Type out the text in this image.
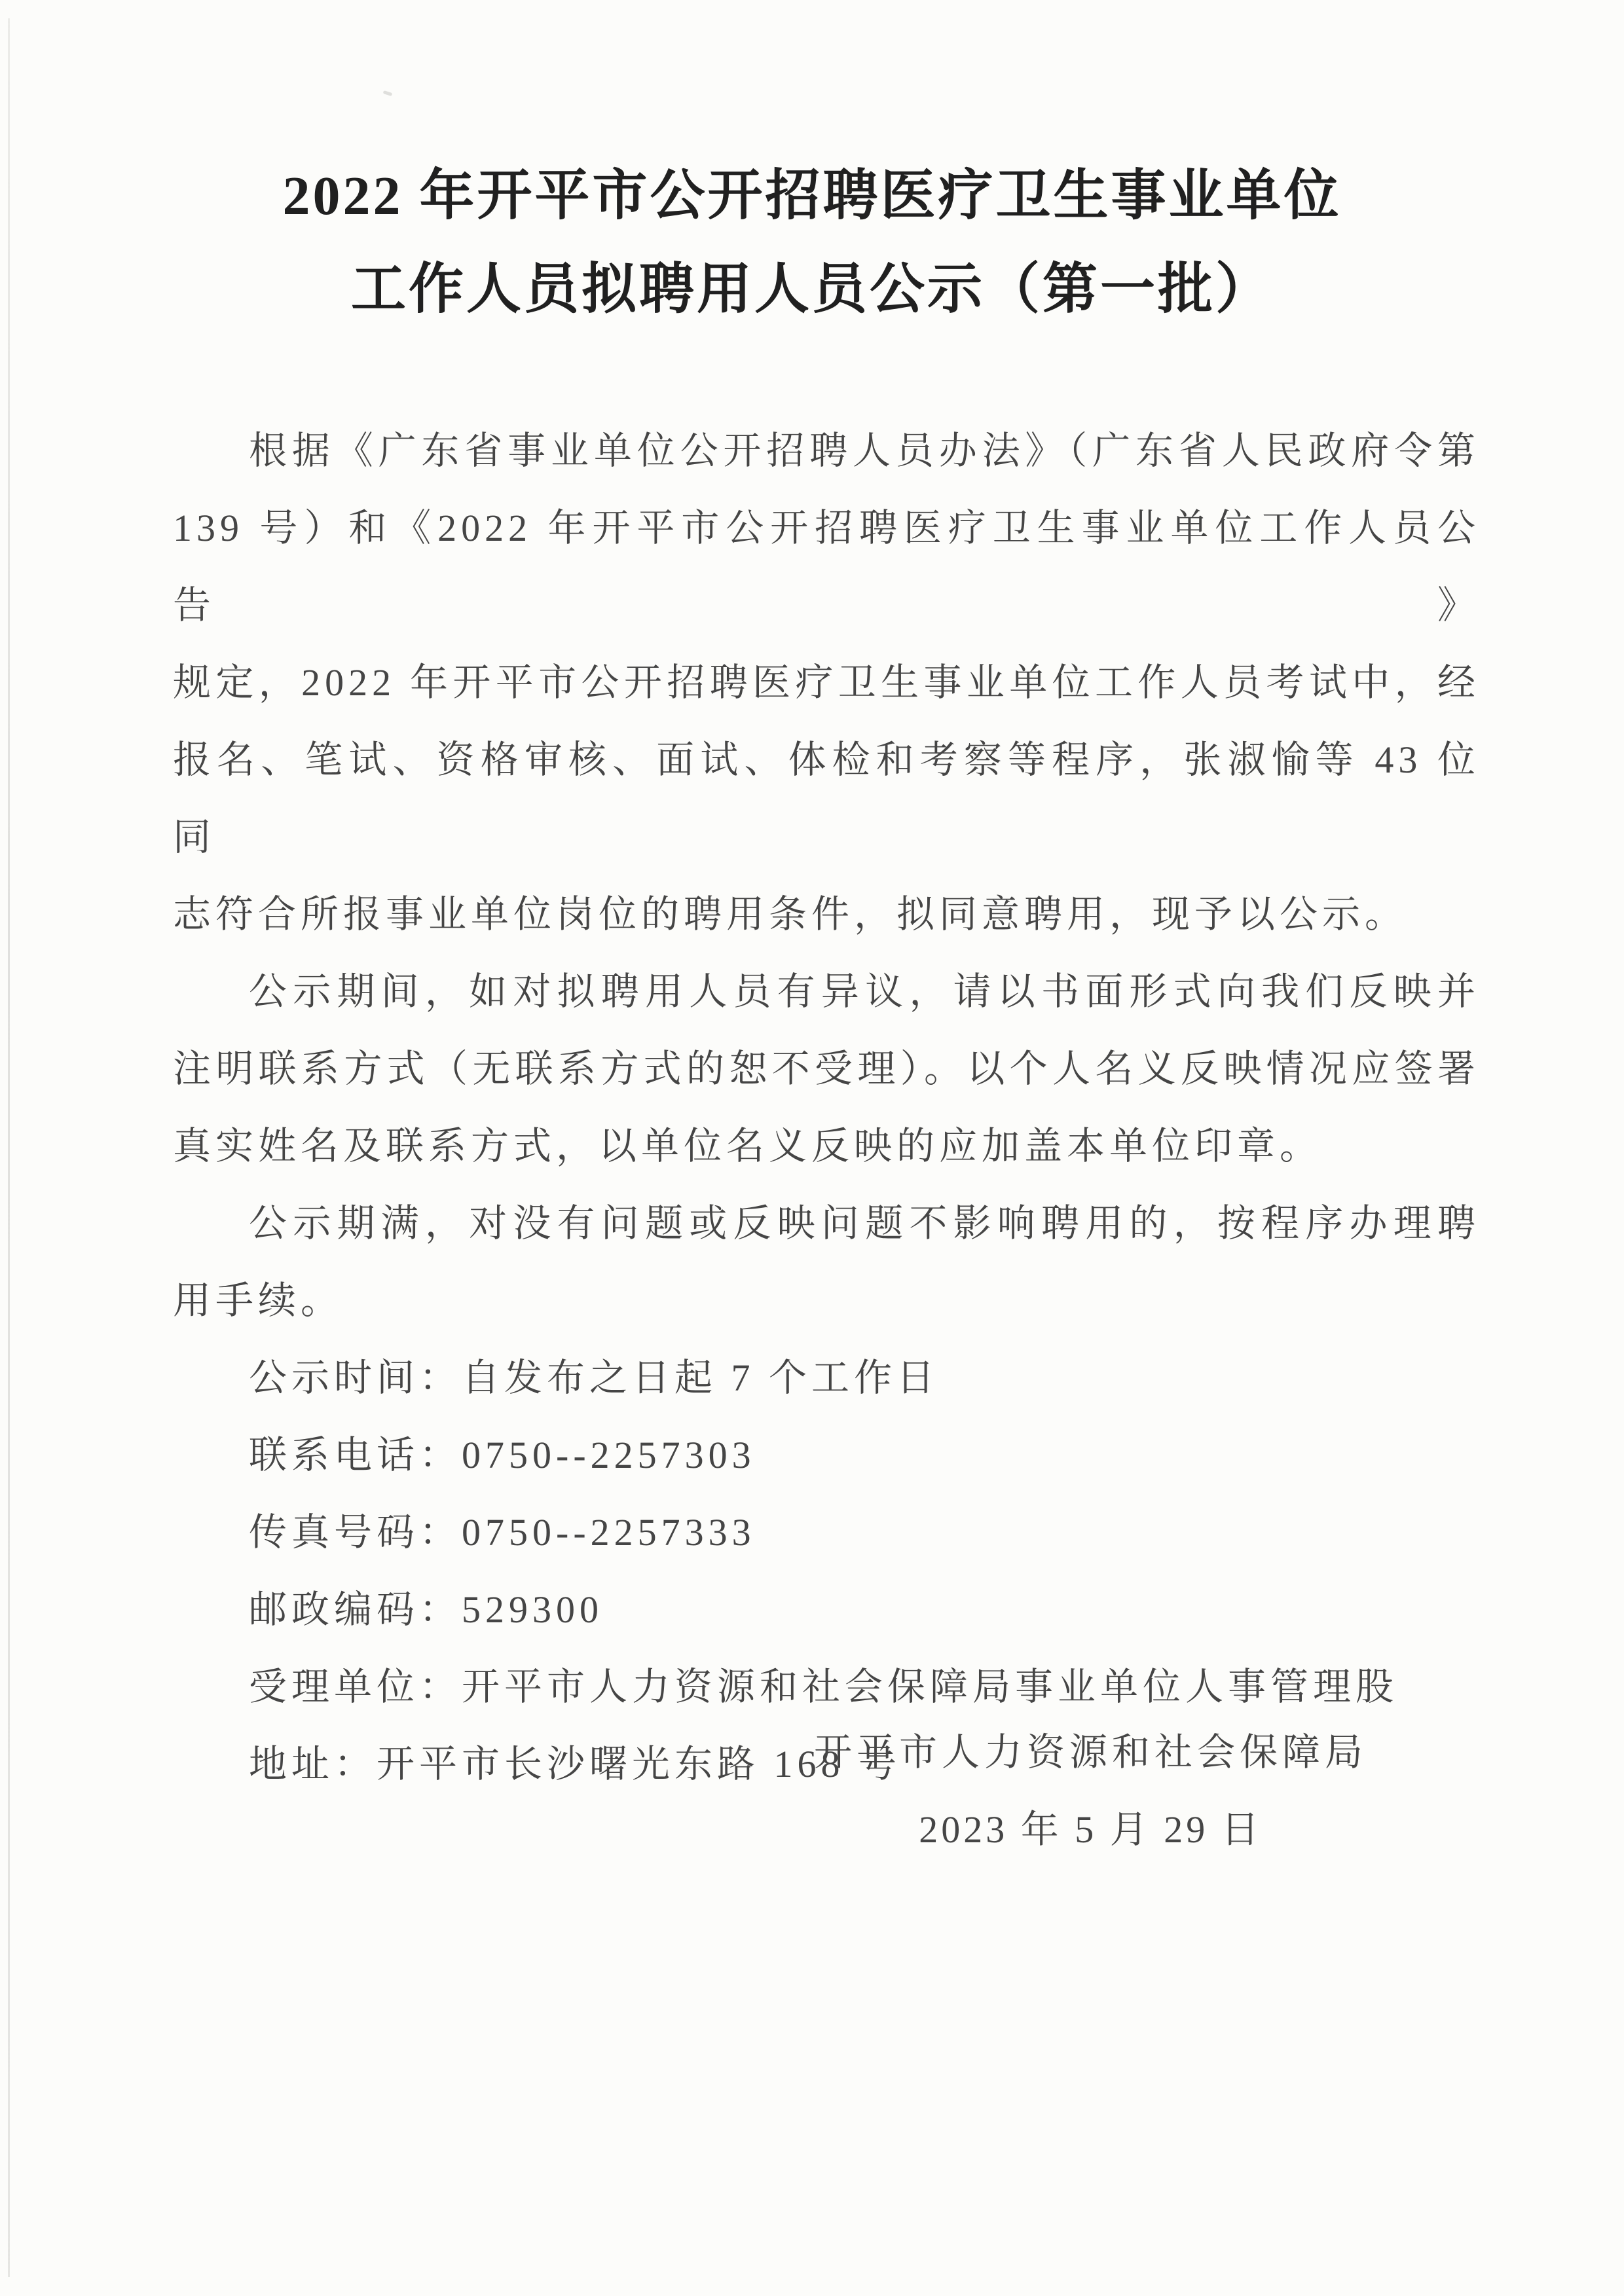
2022 年开平市公开招聘医疗卫生事业单位
工作人员拟聘用人员公示（第一批）
根据《广东省事业单位公开招聘人员办法》（广东省人民政府令第
139 号）和《2022 年开平市公开招聘医疗卫生事业单位工作人员公告》
规定，2022 年开平市公开招聘医疗卫生事业单位工作人员考试中，经
报名、笔试、资格审核、面试、体检和考察等程序，张淑愉等 43 位同
志符合所报事业单位岗位的聘用条件，拟同意聘用，现予以公示。
公示期间，如对拟聘用人员有异议，请以书面形式向我们反映并
注明联系方式（无联系方式的恕不受理）。以个人名义反映情况应签署
真实姓名及联系方式，以单位名义反映的应加盖本单位印章。
公示期满，对没有问题或反映问题不影响聘用的，按程序办理聘
用手续。
公示时间：自发布之日起 7 个工作日
联系电话：0750--2257303
传真号码：0750--2257333
邮政编码：529300
受理单位：开平市人力资源和社会保障局事业单位人事管理股
地址：开平市长沙曙光东路 168 号
开平市人力资源和社会保障局
2023 年 5 月 29 日
